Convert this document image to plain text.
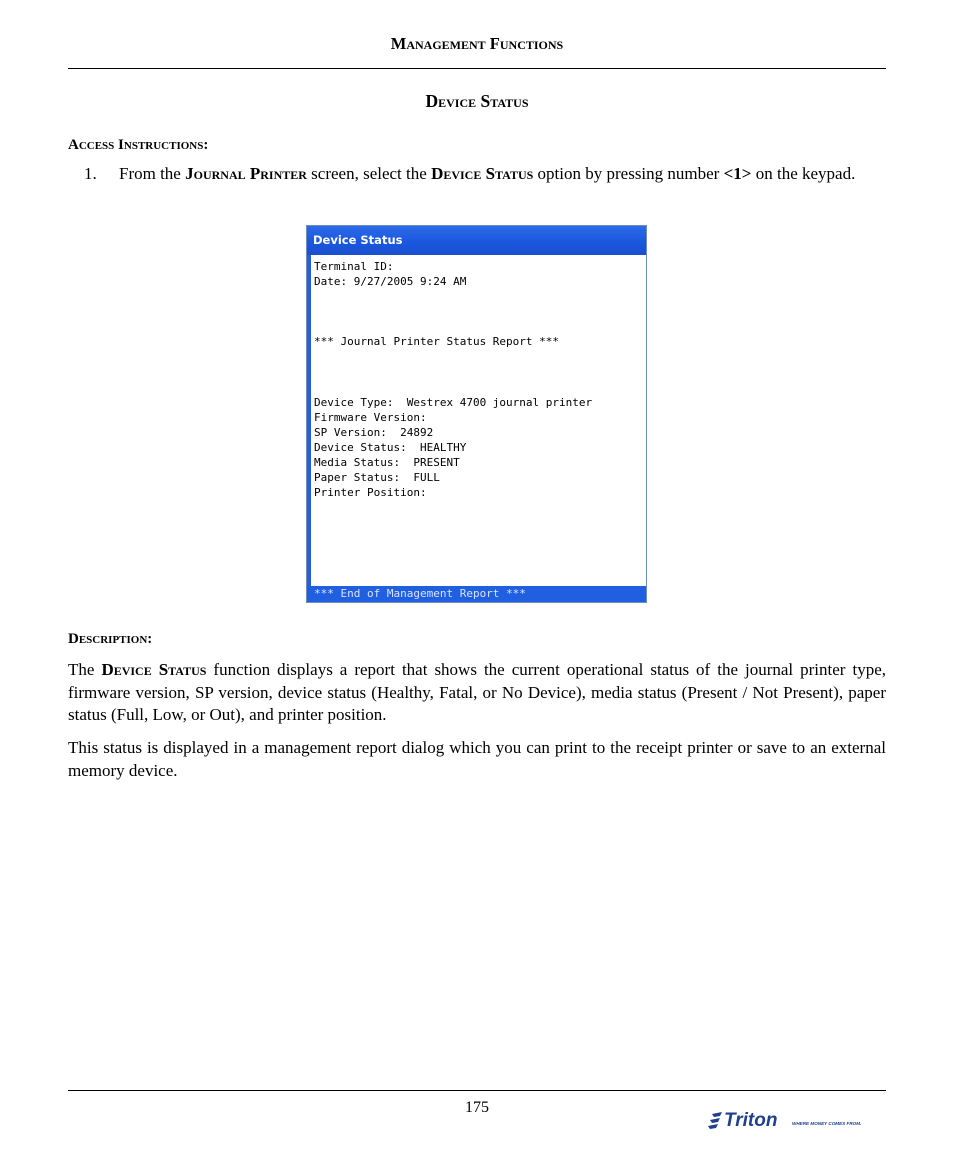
Management Functions
Device Status
Access Instructions:
1. From the Journal Printer screen, select the Device Status option by pressing number <1> on the keypad.
Device Status
Terminal ID:
Date: 9/27/2005 9:24 AM

*** Journal Printer Status Report ***

Device Type:  Westrex 4700 journal printer
Firmware Version:
SP Version:  24892
Device Status:  HEALTHY
Media Status:  PRESENT
Paper Status:  FULL
Printer Position:
*** End of Management Report ***
Description:
The Device Status function displays a report that shows the current operational status of the journal printer type, firmware version, SP version, device status (Healthy, Fatal, or No Device), media status (Present / Not Present), paper status (Full, Low, or Out), and printer position.
This status is displayed in a management report dialog which you can print to the receipt printer or save to an external memory device.
175
Triton	WHERE MONEY COMES FROM.
